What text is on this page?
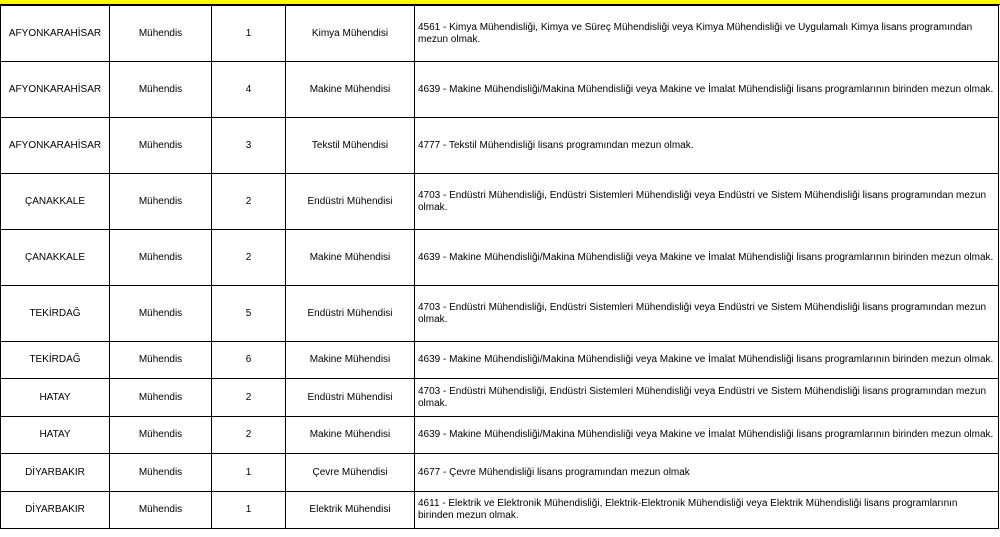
AFYONKARAHİSAR	Mühendis	1	Kimya Mühendisi	4561 - Kimya Mühendisliği, Kimya ve Süreç Mühendisliği veya Kimya Mühendisliği ve Uygulamalı Kimya lisans programından mezun olmak.
AFYONKARAHİSAR	Mühendis	4	Makine Mühendisi	4639 - Makine Mühendisliği/Makina Mühendisliği veya Makine ve İmalat Mühendisliği lisans programlarının birinden mezun olmak.
AFYONKARAHİSAR	Mühendis	3	Tekstil Mühendisi	4777 - Tekstil Mühendisliği lisans programından mezun olmak.
ÇANAKKALE	Mühendis	2	Endüstri Mühendisi	4703 - Endüstri Mühendisliği, Endüstri Sistemleri Mühendisliği veya Endüstri ve Sistem Mühendisliği lisans programından mezun olmak.
ÇANAKKALE	Mühendis	2	Makine Mühendisi	4639 - Makine Mühendisliği/Makina Mühendisliği veya Makine ve İmalat Mühendisliği lisans programlarının birinden mezun olmak.
TEKİRDAĞ	Mühendis	5	Endüstri Mühendisi	4703 - Endüstri Mühendisliği, Endüstri Sistemleri Mühendisliği veya Endüstri ve Sistem Mühendisliği lisans programından mezun olmak.
TEKİRDAĞ	Mühendis	6	Makine Mühendisi	4639 - Makine Mühendisliği/Makina Mühendisliği veya Makine ve İmalat Mühendisliği lisans programlarının birinden mezun olmak.
HATAY	Mühendis	2	Endüstri Mühendisi	4703 - Endüstri Mühendisliği, Endüstri Sistemleri Mühendisliği veya Endüstri ve Sistem Mühendisliği lisans programından mezun olmak.
HATAY	Mühendis	2	Makine Mühendisi	4639 - Makine Mühendisliği/Makina Mühendisliği veya Makine ve İmalat Mühendisliği lisans programlarının birinden mezun olmak.
DİYARBAKIR	Mühendis	1	Çevre Mühendisi	4677 - Çevre Mühendisliği lisans programından mezun olmak
DİYARBAKIR	Mühendis	1	Elektrik Mühendisi	4611 - Elektrik ve Elektronik Mühendisliği, Elektrik-Elektronik Mühendisliği veya Elektrik Mühendisliği lisans programlarının birinden mezun olmak.
